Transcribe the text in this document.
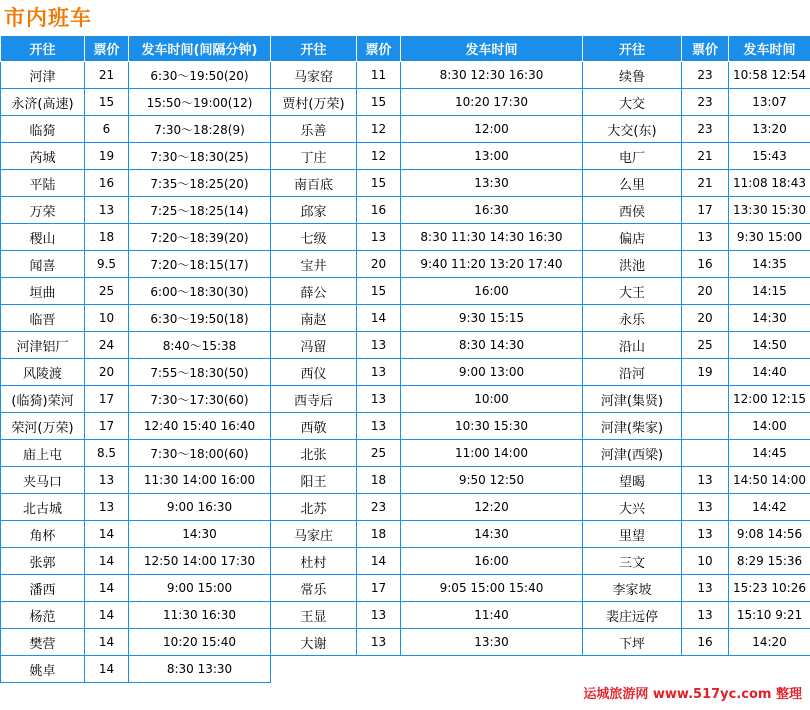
市内班车
开往	票价	发车时间(间隔分钟)	开往	票价	发车时间	开往	票价	发车时间
河津	21	6:30～19:50(20)	马家窑	11	8:30 12:30 16:30	续鲁	23	10:58 12:54
永济(高速)	15	15:50～19:00(12)	贾村(万荣)	15	10:20 17:30	大交	23	13:07
临猗	6	7:30～18:28(9)	乐善	12	12:00	大交(东)	23	13:20
芮城	19	7:30～18:30(25)	丁庄	12	13:00	电厂	21	15:43
平陆	16	7:35～18:25(20)	南百底	15	13:30	么里	21	11:08 18:43
万荣	13	7:25～18:25(14)	邱家	16	16:30	西侯	17	13:30 15:30
稷山	18	7:20～18:39(20)	七级	13	8:30 11:30 14:30 16:30	偏店	13	9:30 15:00
闻喜	9.5	7:20～18:15(17)	宝井	20	9:40 11:20 13:20 17:40	洪池	16	14:35
垣曲	25	6:00～18:30(30)	薛公	15	16:00	大王	20	14:15
临晋	10	6:30～19:50(18)	南赵	14	9:30 15:15	永乐	20	14:30
河津铝厂	24	8:40～15:38	冯留	13	8:30 14:30	沿山	25	14:50
风陵渡	20	7:55～18:30(50)	西仪	13	9:00 13:00	沿河	19	14:40
(临猗)荣河	17	7:30～17:30(60)	西寺后	13	10:00	河津(集贤)		12:00 12:15
荣河(万荣)	17	12:40 15:40 16:40	西敬	13	10:30 15:30	河津(柴家)		14:00
庙上屯	8.5	7:30～18:00(60)	北张	25	11:00 14:00	河津(西梁)		14:45
夹马口	13	11:30 14:00 16:00	阳王	18	9:50 12:50	望暍	13	14:50 14:00
北古城	13	9:00 16:30	北苏	23	12:20	大兴	13	14:42
角杯	14	14:30	马家庄	18	14:30	里望	13	9:08 14:56
张郭	14	12:50 14:00 17:30	杜村	14	16:00	三文	10	8:29 15:36
潘西	14	9:00 15:00	常乐	17	9:05 15:00 15:40	李家坡	13	15:23 10:26
杨范	14	11:30 16:30	王显	13	11:40	裴庄远停	13	15:10 9:21
樊营	14	10:20 15:40	大谢	13	13:30	下坪	16	14:20
姚卓	14	8:30 13:30						
运城旅游网 www.517yc.com 整理
